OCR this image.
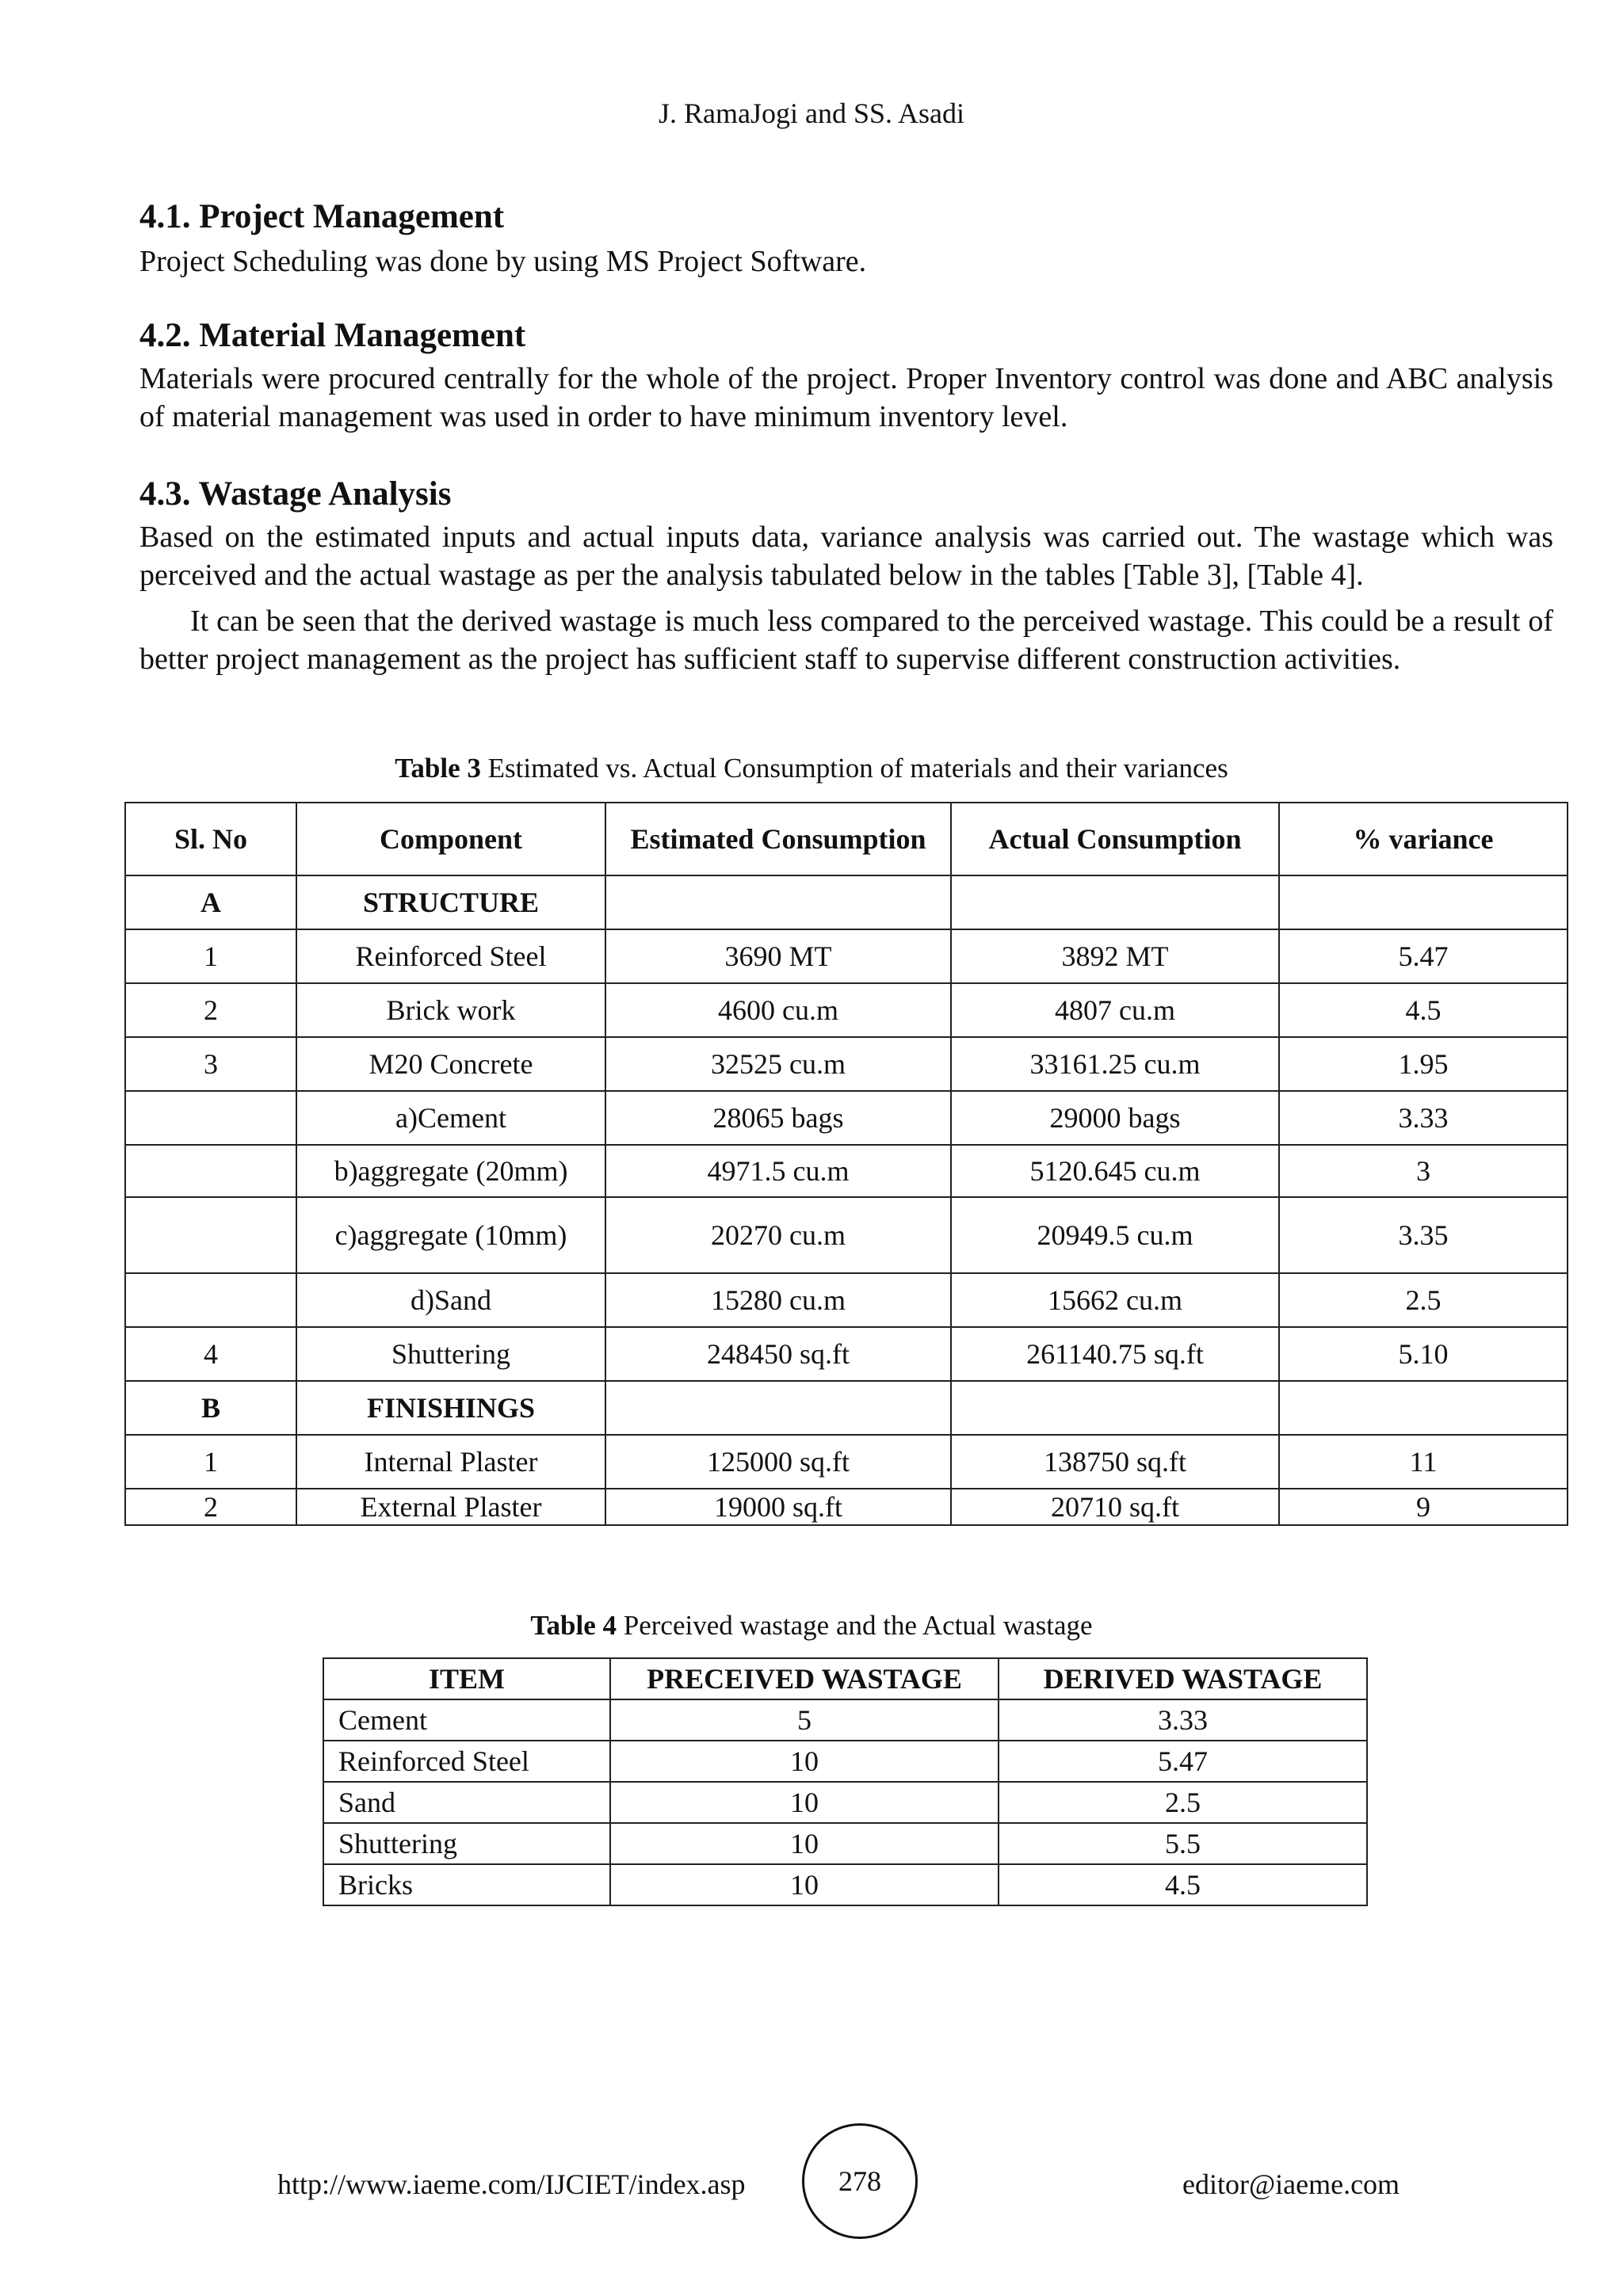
J. RamaJogi and SS. Asadi
4.1. Project Management

Project Scheduling was done by using MS Project Software.

4.2. Material Management

Materials were procured centrally for the whole of the project. Proper Inventory control was done and ABC analysis of material management was used in order to have minimum inventory level.

4.3. Wastage Analysis

Based on the estimated inputs and actual inputs data, variance analysis was carried out. The wastage which was perceived and the actual wastage as per the analysis tabulated below in the tables [Table 3], [Table 4].

It can be seen that the derived wastage is much less compared to the perceived wastage. This could be a result of better project management as the project has sufficient staff to supervise different construction activities.

Table 3 Estimated vs. Actual Consumption of materials and their variances
Sl. No	Component	Estimated Consumption	Actual Consumption	% variance
A	STRUCTURE			
1	Reinforced Steel	3690 MT	3892 MT	5.47
2	Brick work	4600 cu.m	4807 cu.m	4.5
3	M20 Concrete	32525 cu.m	33161.25 cu.m	1.95
	a)Cement	28065 bags	29000 bags	3.33
	b)aggregate (20mm)	4971.5 cu.m	5120.645 cu.m	3
	c)aggregate (10mm)	20270 cu.m	20949.5 cu.m	3.35
	d)Sand	15280 cu.m	15662 cu.m	2.5
4	Shuttering	248450 sq.ft	261140.75 sq.ft	5.10
B	FINISHINGS			
1	Internal Plaster	125000 sq.ft	138750 sq.ft	11
2	External Plaster	19000 sq.ft	20710 sq.ft	9
Table 4 Perceived wastage and the Actual wastage
ITEM	PRECEIVED WASTAGE	DERIVED WASTAGE
Cement	5	3.33
Reinforced Steel	10	5.47
Sand	10	2.5
Shuttering	10	5.5
Bricks	10	4.5
http://www.iaeme.com/IJCIET/index.asp	278	editor@iaeme.com
